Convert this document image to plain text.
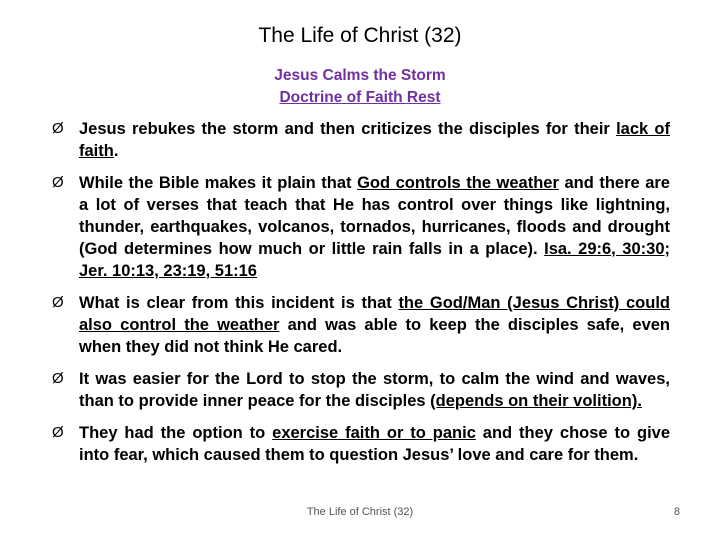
The Life of Christ (32)
Jesus Calms the Storm
Doctrine of Faith Rest
Ø Jesus rebukes the storm and then criticizes the disciples for their lack of faith.
Ø While the Bible makes it plain that God controls the weather and there are a lot of verses that teach that He has control over things like lightning, thunder, earthquakes, volcanos, tornados, hurricanes, floods and drought (God determines how much or little rain falls in a place). Isa. 29:6, 30:30; Jer. 10:13, 23:19, 51:16
Ø What is clear from this incident is that the God/Man (Jesus Christ) could also control the weather and was able to keep the disciples safe, even when they did not think He cared.
Ø It was easier for the Lord to stop the storm, to calm the wind and waves, than to provide inner peace for the disciples (depends on their volition).
Ø They had the option to exercise faith or to panic and they chose to give into fear, which caused them to question Jesus’ love and care for them.
The Life of Christ (32)	8
